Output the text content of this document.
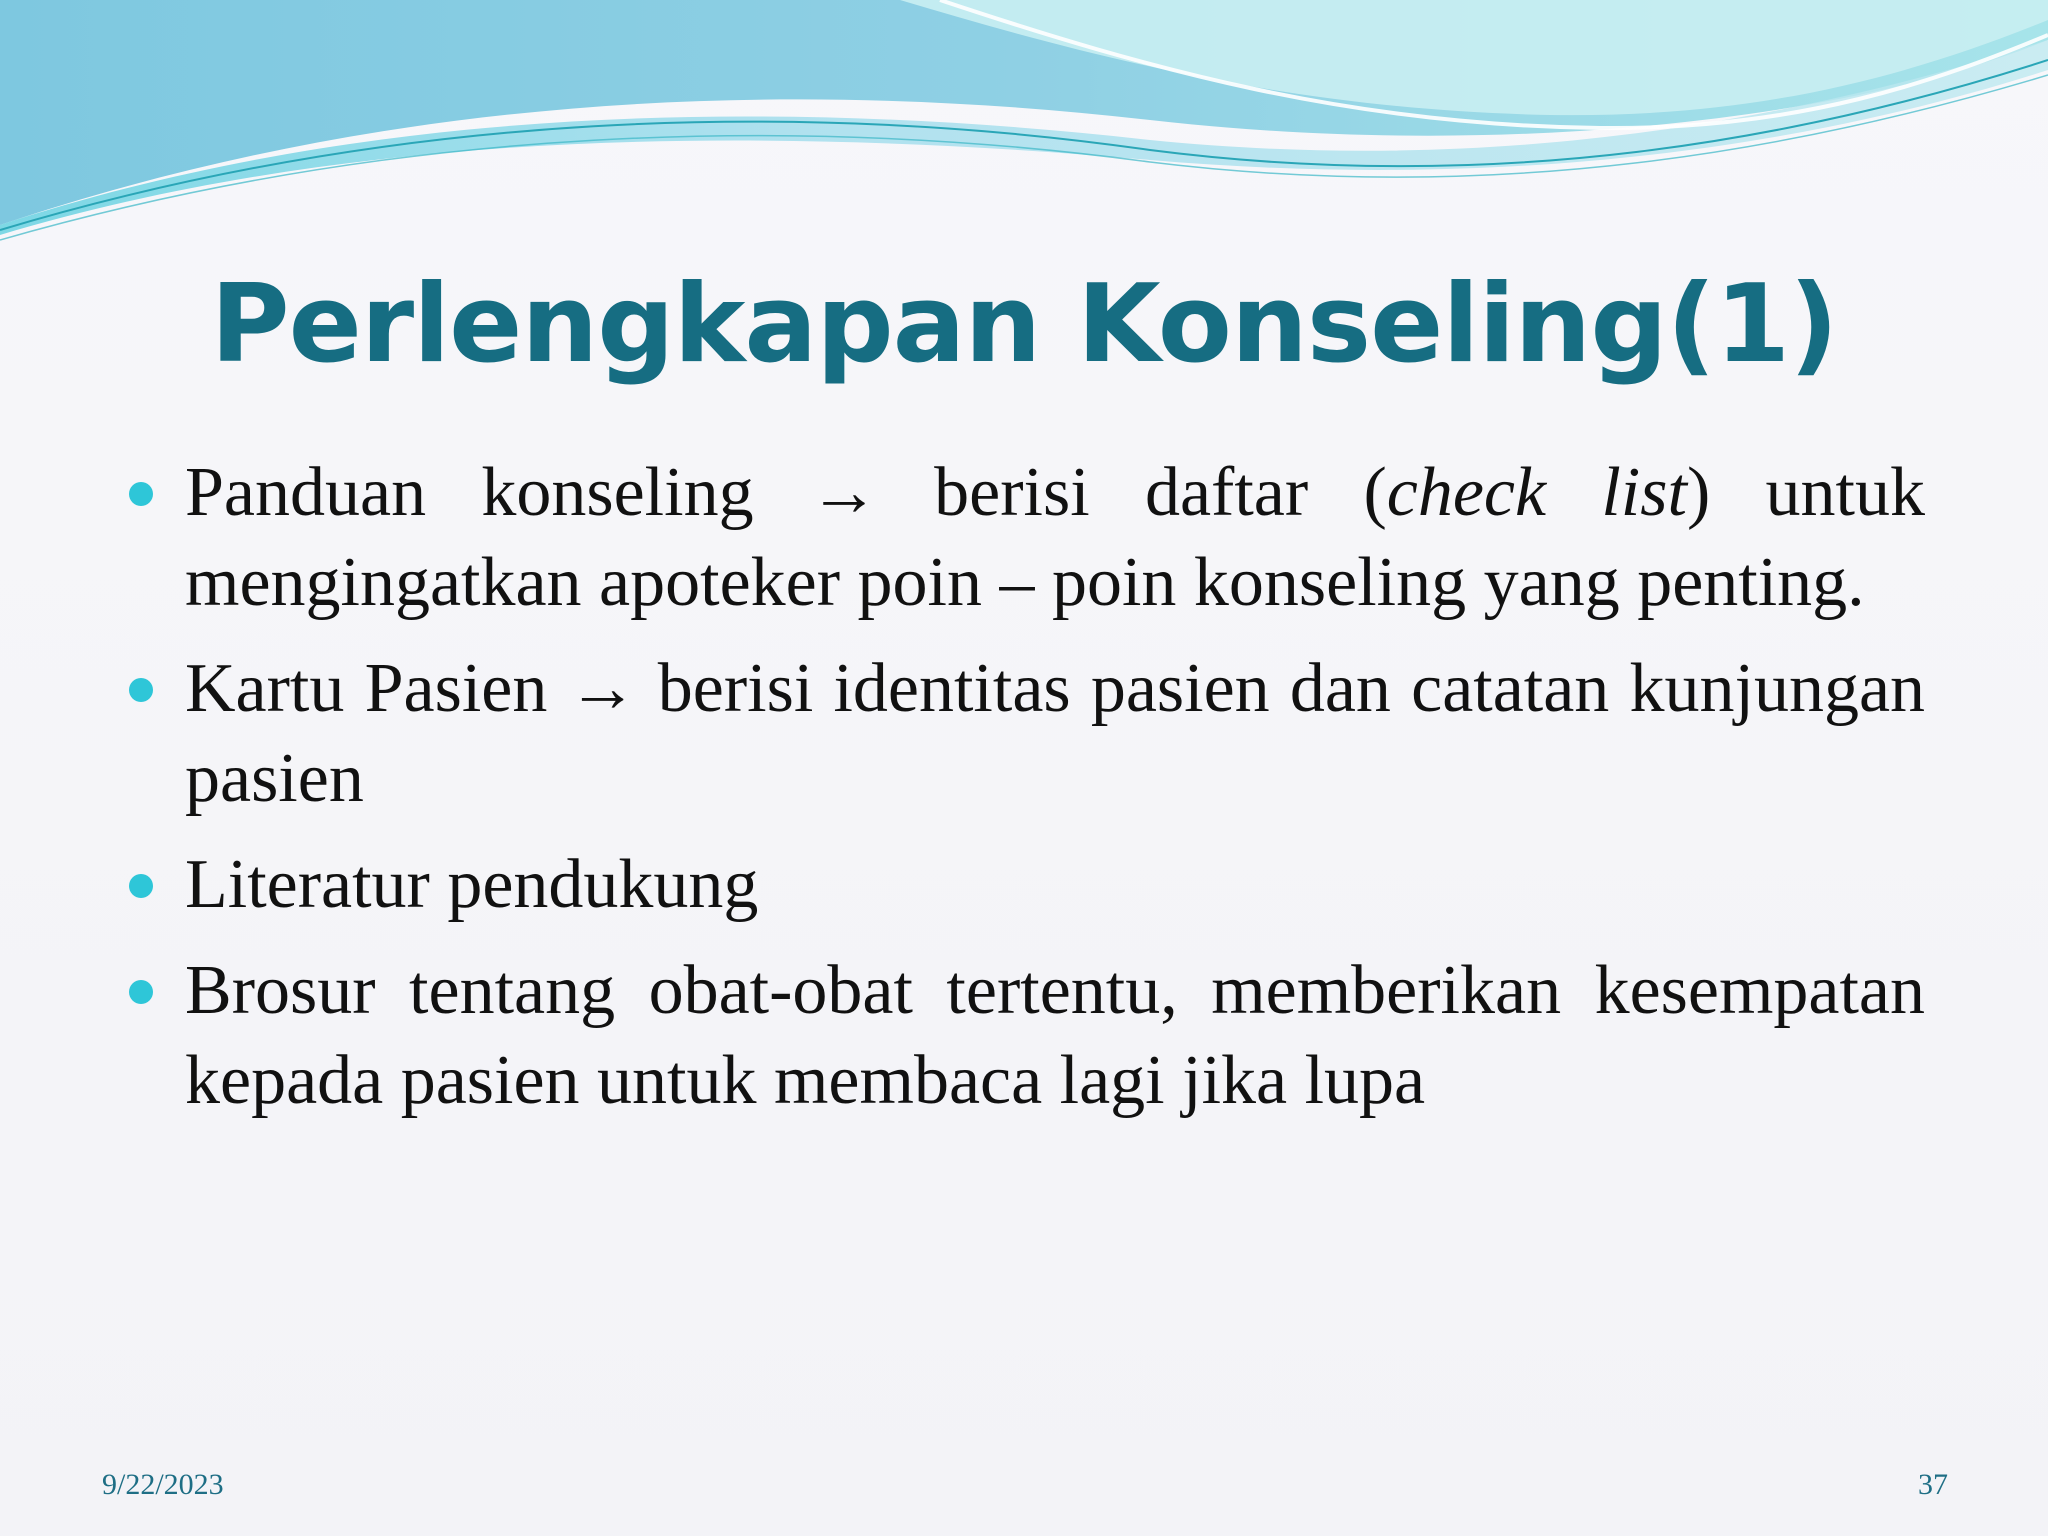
Perlengkapan Konseling(1)
Panduan konseling → berisi daftar (check list) untuk mengingatkan apoteker poin – poin konseling yang penting.
Kartu Pasien → berisi identitas pasien dan catatan kunjungan pasien
Literatur pendukung
Brosur tentang obat-obat tertentu, memberikan kesempatan kepada pasien untuk membaca lagi jika lupa
9/22/2023	37
